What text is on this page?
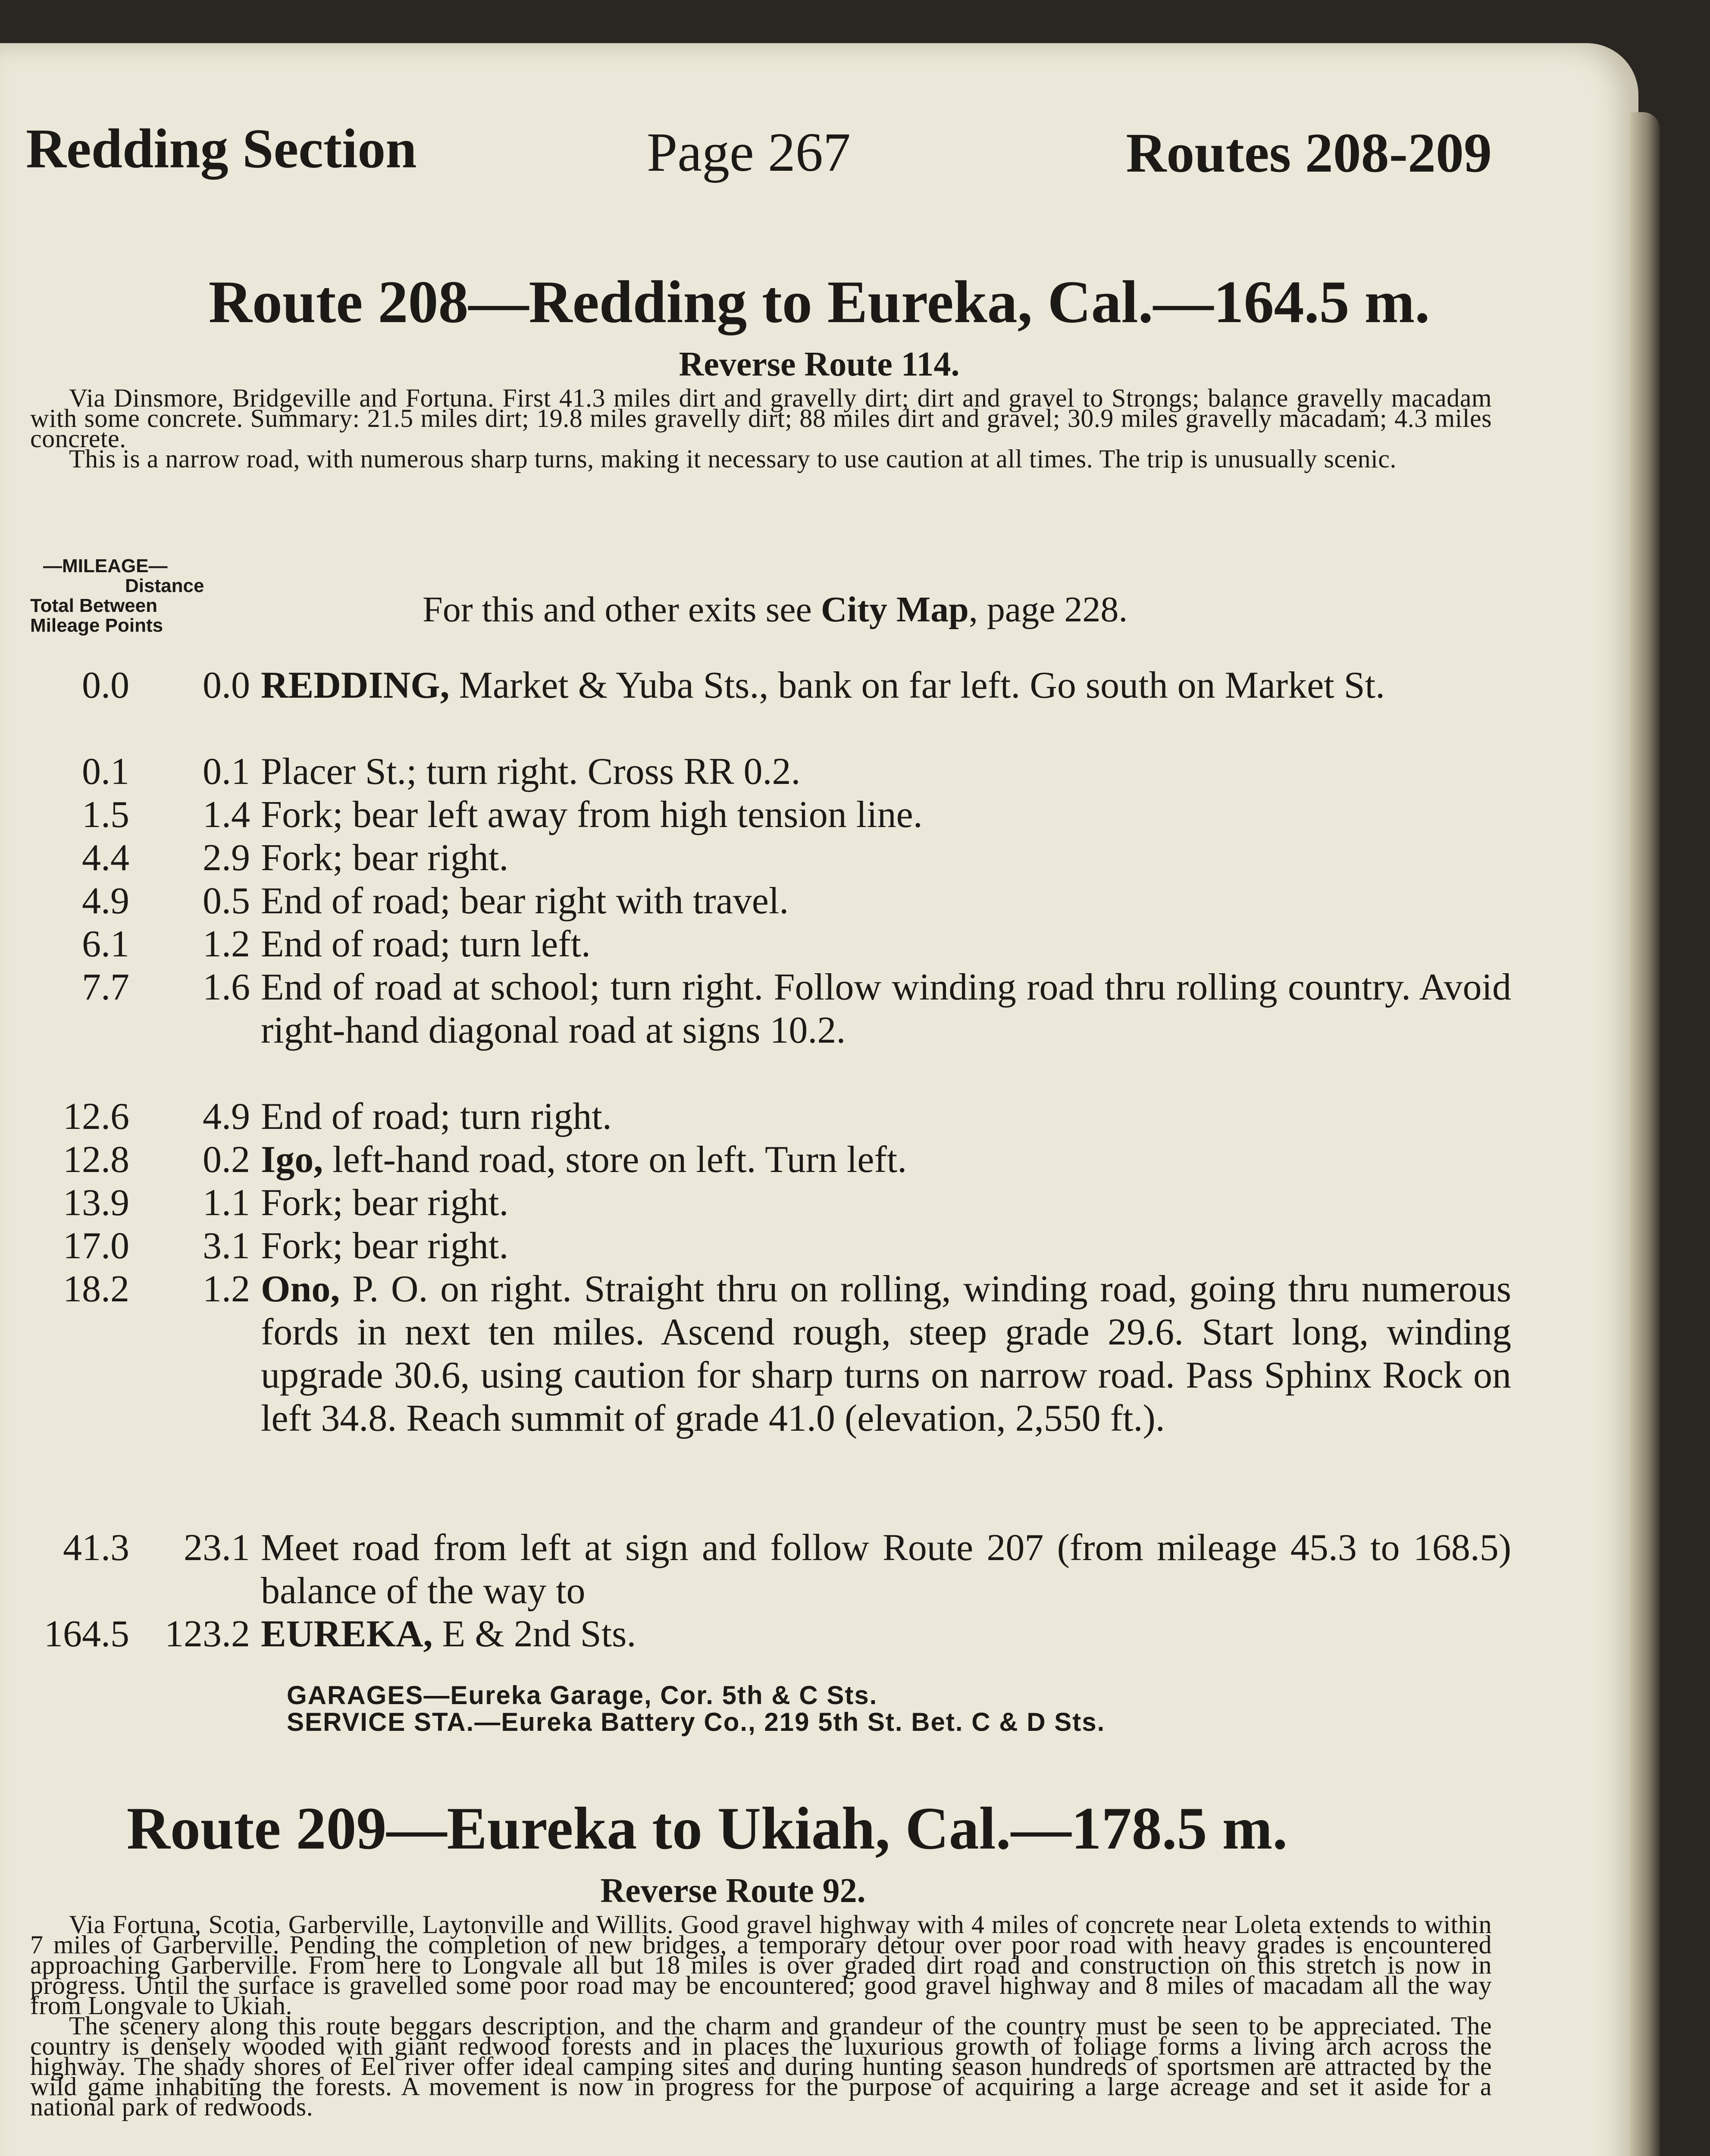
Redding Section	Page 267	Routes 208-209
Route 208—Redding to Eureka, Cal.—164.5 m.
Reverse Route 114.

Via Dinsmore, Bridgeville and Fortuna. First 41.3 miles dirt and gravelly dirt; dirt and gravel to Strongs; balance gravelly macadam with some concrete. Summary: 21.5 miles dirt; 19.8 miles gravelly dirt; 88 miles dirt and gravel; 30.9 miles gravelly macadam; 4.3 miles concrete.

This is a narrow road, with numerous sharp turns, making it necessary to use caution at all times. The trip is unusually scenic.

—MILEAGE—
Distance
Total Between
Mileage Points	For this and other exits see City Map, page 228.
0.0	0.0 REDDING, Market & Yuba Sts., bank on far left. Go south on Market St.
0.1	0.1 Placer St.; turn right. Cross RR 0.2.
1.5	1.4 Fork; bear left away from high tension line.
4.4	2.9 Fork; bear right.
4.9	0.5 End of road; bear right with travel.
6.1	1.2 End of road; turn left.
7.7	1.6 End of road at school; turn right. Follow winding road thru rolling country. Avoid right-hand diagonal road at signs 10.2.
12.6	4.9 End of road; turn right.
12.8	0.2 Igo, left-hand road, store on left. Turn left.
13.9	1.1 Fork; bear right.
17.0	3.1 Fork; bear right.
18.2	1.2 Ono, P. O. on right. Straight thru on rolling, winding road, going thru numerous fords in next ten miles. Ascend rough, steep grade 29.6. Start long, winding upgrade 30.6, using caution for sharp turns on narrow road. Pass Sphinx Rock on left 34.8. Reach summit of grade 41.0 (elevation, 2,550 ft.).
41.3	23.1 Meet road from left at sign and follow Route 207 (from mileage 45.3 to 168.5) balance of the way to
164.5 123.2 EUREKA, E & 2nd Sts.
GARAGES—Eureka Garage, Cor. 5th & C Sts.
SERVICE STA.—Eureka Battery Co., 219 5th St. Bet. C & D Sts.
Route 209—Eureka to Ukiah, Cal.—178.5 m.
Reverse Route 92.

Via Fortuna, Scotia, Garberville, Laytonville and Willits. Good gravel highway with 4 miles of concrete near Loleta extends to within 7 miles of Garberville. Pending the completion of new bridges, a temporary detour over poor road with heavy grades is encountered approaching Garberville. From here to Longvale all but 18 miles is over graded dirt road and construction on this stretch is now in progress. Until the surface is gravelled some poor road may be encountered; good gravel highway and 8 miles of macadam all the way from Longvale to Ukiah.

The scenery along this route beggars description, and the charm and grandeur of the country must be seen to be appreciated. The country is densely wooded with giant redwood forests and in places the luxurious growth of foliage forms a living arch across the highway. The shady shores of Eel river offer ideal camping sites and during hunting season hundreds of sportsmen are attracted by the wild game inhabiting the forests. A movement is now in progress for the purpose of acquiring a large acreage and set it aside for a national park of redwoods.
